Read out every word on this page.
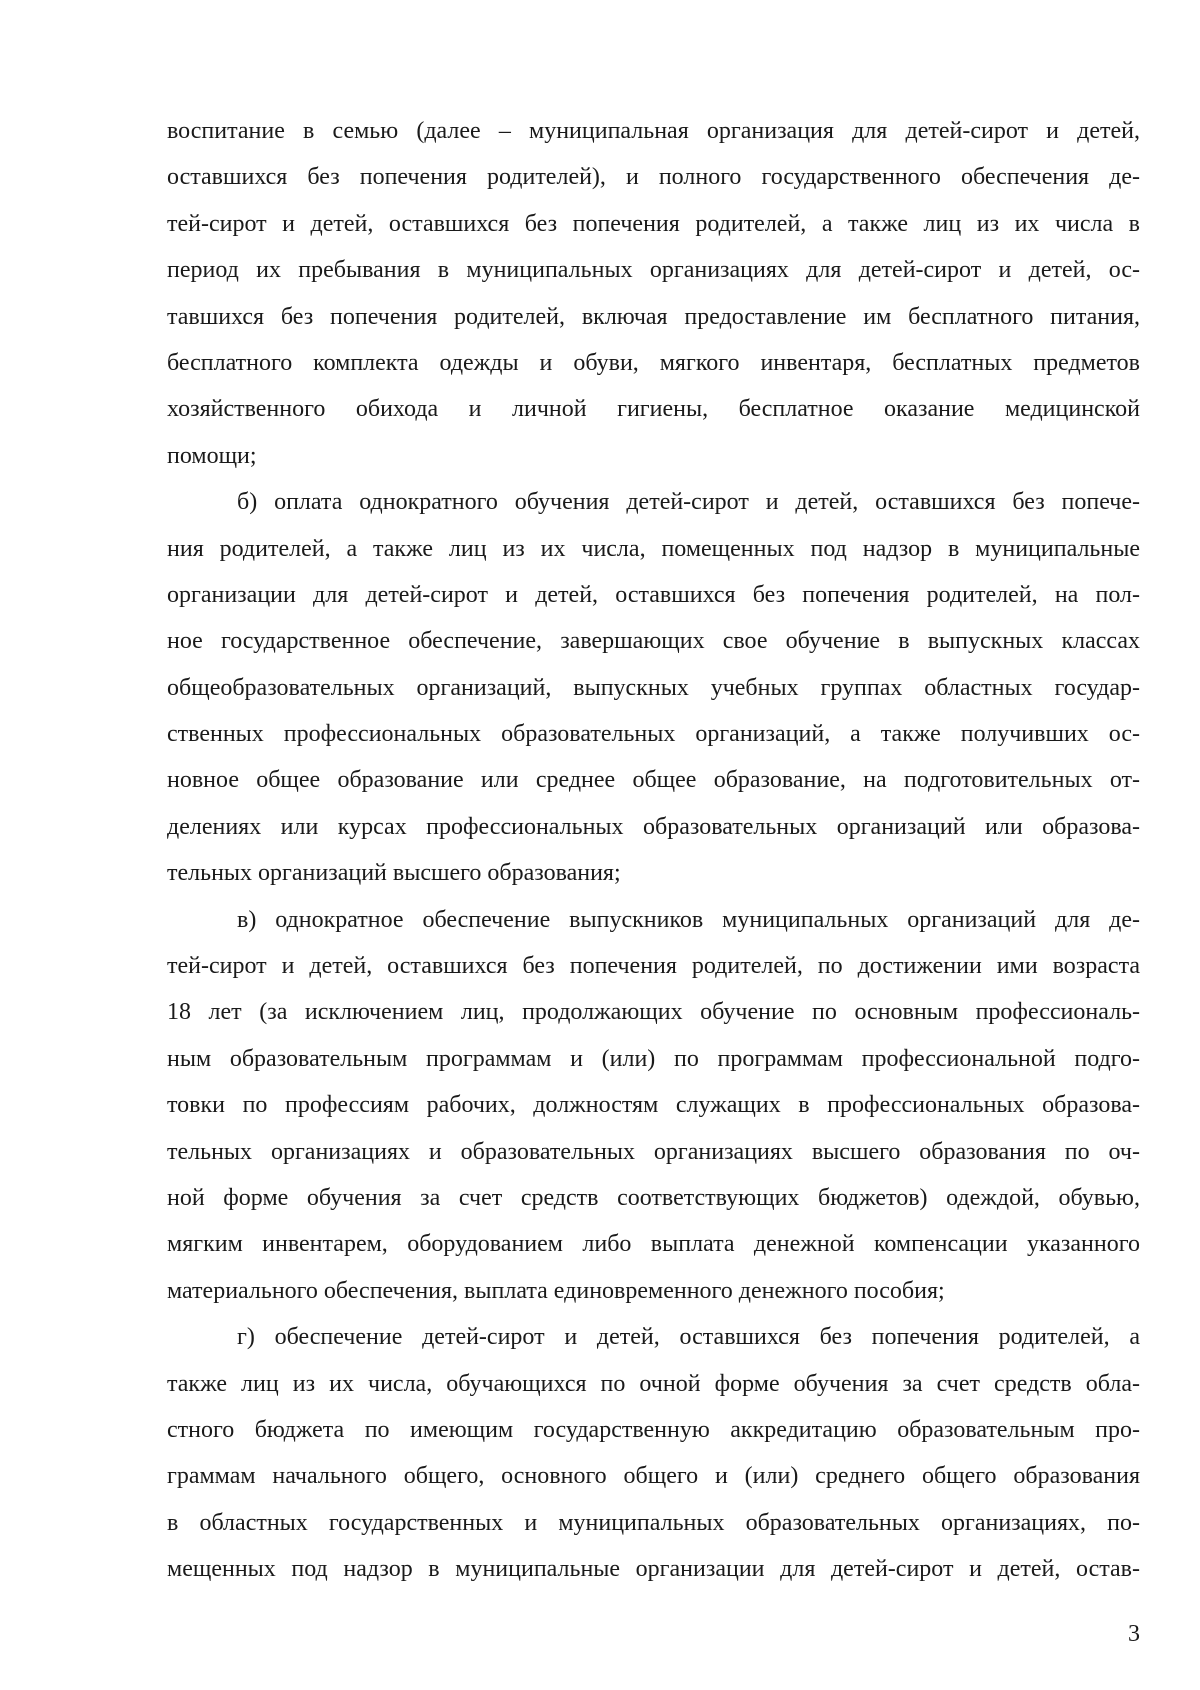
воспитание в семью (далее – муниципальная организация для детей-сирот и детей,
оставшихся без попечения родителей), и полного государственного обеспечения де-
тей-сирот и детей, оставшихся без попечения родителей, а также лиц из их числа в
период их пребывания в муниципальных организациях для детей-сирот и детей, ос-
тавшихся без попечения родителей, включая предоставление им бесплатного питания,
бесплатного комплекта одежды и обуви, мягкого инвентаря, бесплатных предметов
хозяйственного обихода и личной гигиены, бесплатное оказание медицинской
помощи;
б) оплата однократного обучения детей-сирот и детей, оставшихся без попече-
ния родителей, а также лиц из их числа, помещенных под надзор в муниципальные
организации для детей-сирот и детей, оставшихся без попечения родителей, на пол-
ное государственное обеспечение, завершающих свое обучение в выпускных классах
общеобразовательных организаций, выпускных учебных группах областных государ-
ственных профессиональных образовательных организаций, а также получивших ос-
новное общее образование или среднее общее образование, на подготовительных от-
делениях или курсах профессиональных образовательных организаций или образова-
тельных организаций высшего образования;
в) однократное обеспечение выпускников муниципальных организаций для де-
тей-сирот и детей, оставшихся без попечения родителей, по достижении ими возраста
18 лет (за исключением лиц, продолжающих обучение по основным профессиональ-
ным образовательным программам и (или) по программам профессиональной подго-
товки по профессиям рабочих, должностям служащих в профессиональных образова-
тельных организациях и образовательных организациях высшего образования по оч-
ной форме обучения за счет средств соответствующих бюджетов) одеждой, обувью,
мягким инвентарем, оборудованием либо выплата денежной компенсации указанного
материального обеспечения, выплата единовременного денежного пособия;
г) обеспечение детей-сирот и детей, оставшихся без попечения родителей, а
также лиц из их числа, обучающихся по очной форме обучения за счет средств обла-
стного бюджета по имеющим государственную аккредитацию образовательным про-
граммам начального общего, основного общего и (или) среднего общего образования
в областных государственных и муниципальных образовательных организациях, по-
мещенных под надзор в муниципальные организации для детей-сирот и детей, остав-
3
